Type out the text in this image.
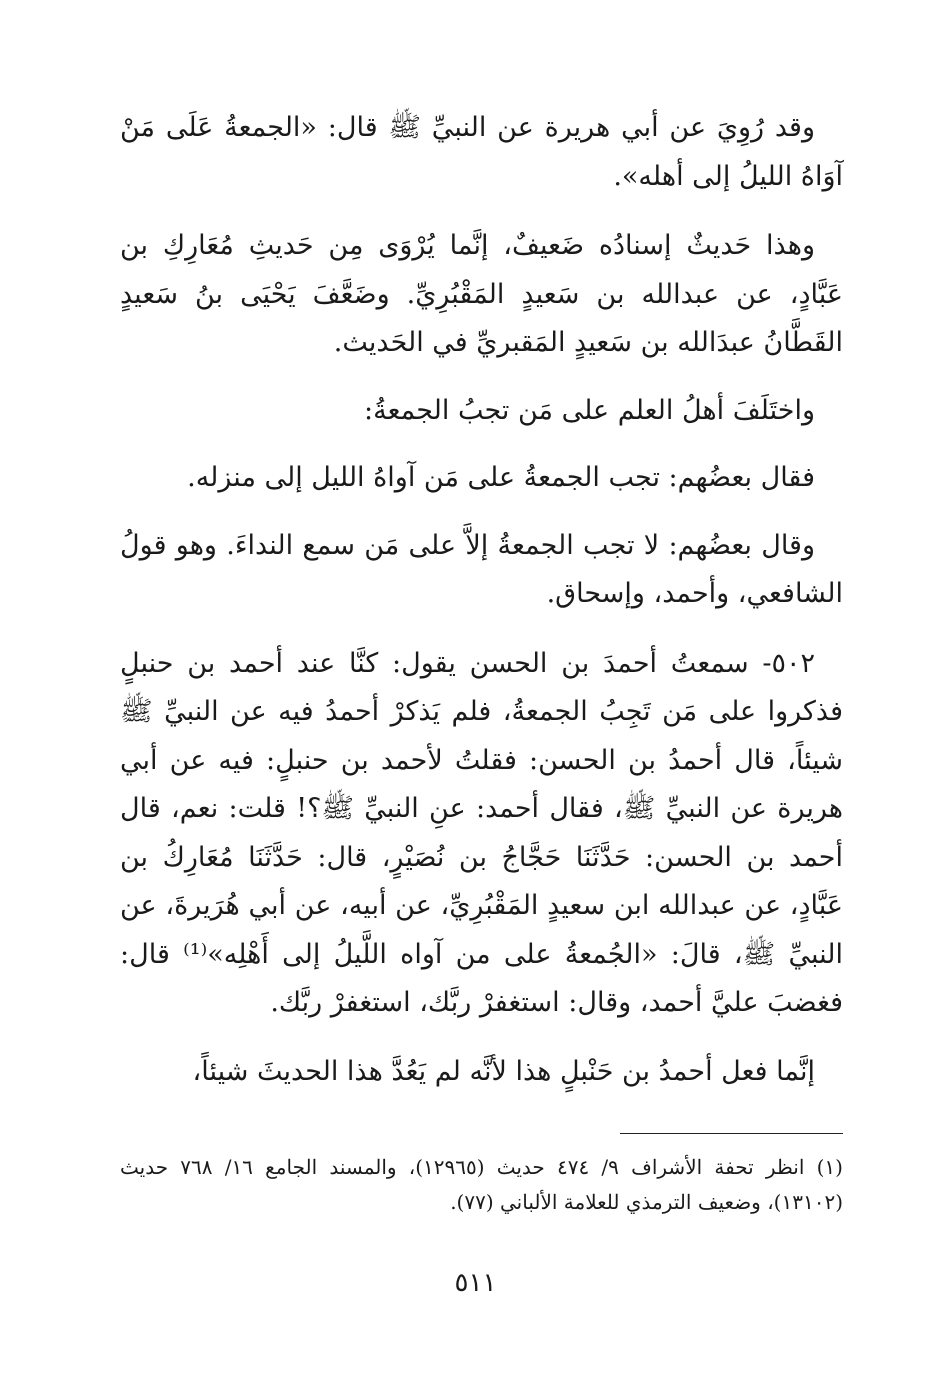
وقد رُوِيَ عن أبي هريرة عن النبيِّ ﷺ قال: «الجمعةُ عَلَى مَنْ آوَاهُ الليلُ إلى أهله».

وهذا حَديثٌ إسنادُه ضَعيفٌ، إنَّما يُرْوَى مِن حَديثِ مُعَارِكِ بن عَبَّادٍ، عن عبدالله بن سَعيدٍ المَقْبُرِيِّ. وضَعَّفَ يَحْيَى بنُ سَعيدٍ القَطَّانُ عبدَالله بن سَعيدٍ المَقبريِّ في الحَديث.

واختَلَفَ أهلُ العلم على مَن تجبُ الجمعةُ:

فقال بعضُهم: تجب الجمعةُ على مَن آواهُ الليل إلى منزله.

وقال بعضُهم: لا تجب الجمعةُ إلاَّ على مَن سمع النداءَ. وهو قولُ الشافعي، وأحمد، وإسحاق.

٥٠٢- سمعتُ أحمدَ بن الحسن يقول: كنَّا عند أحمد بن حنبلٍ فذكروا على مَن تَجِبُ الجمعةُ، فلم يَذكرْ أحمدُ فيه عن النبيِّ ﷺ شيئاً، قال أحمدُ بن الحسن: فقلتُ لأحمد بن حنبلٍ: فيه عن أبي هريرة عن النبيِّ ﷺ، فقال أحمد: عنِ النبيِّ ﷺ؟! قلت: نعم، قال أحمد بن الحسن: حَدَّثَنَا حَجَّاجُ بن نُصَيْرٍ، قال: حَدَّثَنَا مُعَارِكُ بن عَبَّادٍ، عن عبدالله ابن سعيدٍ المَقْبُرِيِّ، عن أبيه، عن أبي هُرَيرةَ، عن النبيِّ ﷺ، قالَ: «الجُمعةُ على من آواه اللَّيلُ إلى أَهْلِه»⁽¹⁾ قال: فغضبَ عليَّ أحمد، وقال: استغفرْ ربَّك، استغفرْ ربَّك.

إنَّما فعل أحمدُ بن حَنْبلٍ هذا لأنَّه لم يَعُدَّ هذا الحديثَ شيئاً،

(١) انظر تحفة الأشراف ٩/ ٤٧٤ حديث (١٢٩٦٥)، والمسند الجامع ١٦/ ٧٦٨ حديث (١٣١٠٢)، وضعيف الترمذي للعلامة الألباني (٧٧).

٥١١
